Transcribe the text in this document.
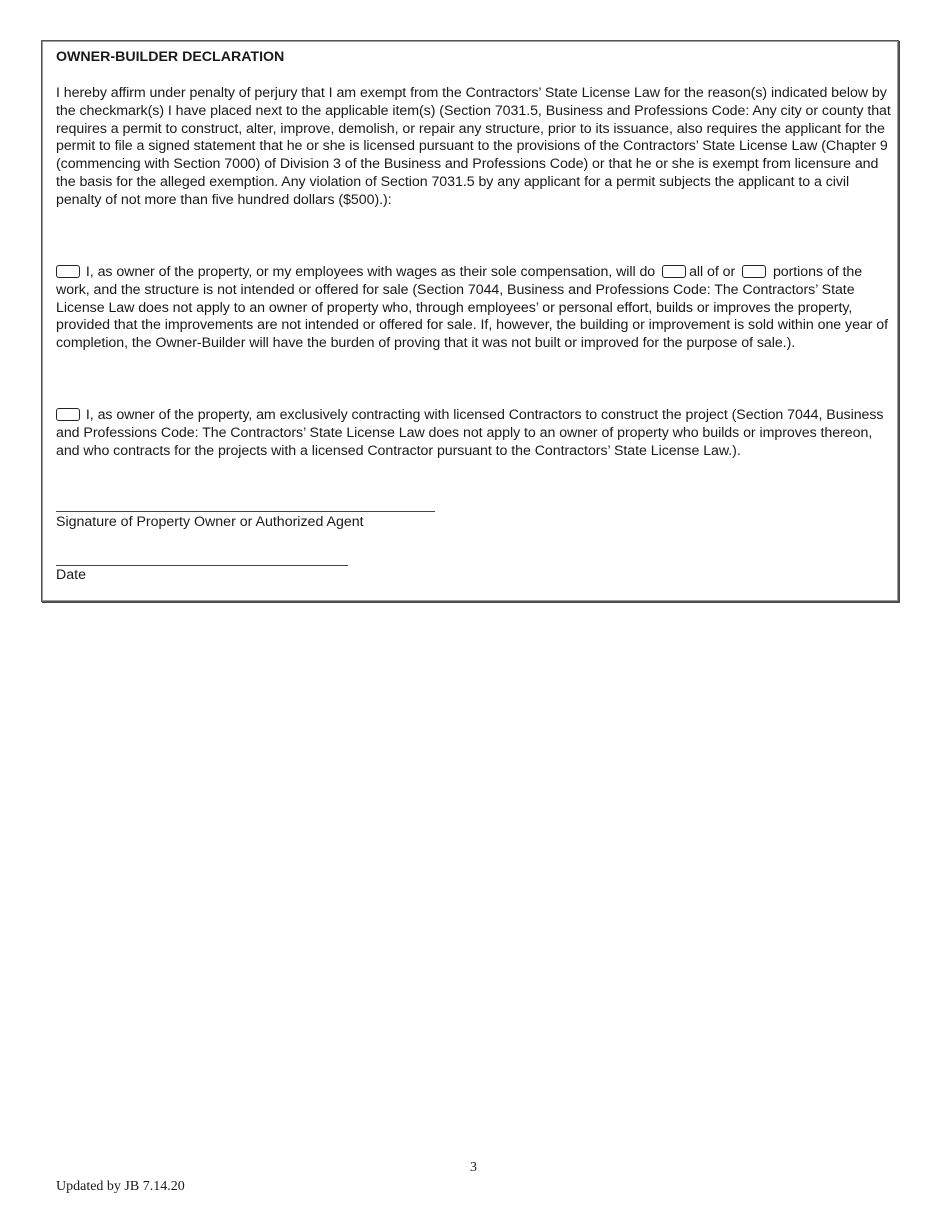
OWNER-BUILDER DECLARATION

I hereby affirm under penalty of perjury that I am exempt from the Contractors’ State License Law for the reason(s) indicated below by the checkmark(s) I have placed next to the applicable item(s) (Section 7031.5, Business and Professions Code: Any city or county that requires a permit to construct, alter, improve, demolish, or repair any structure, prior to its issuance, also requires the applicant for the permit to file a signed statement that he or she is licensed pursuant to the provisions of the Contractors’ State License Law (Chapter 9 (commencing with Section 7000) of Division 3 of the Business and Professions Code) or that he or she is exempt from licensure and the basis for the alleged exemption. Any violation of Section 7031.5 by any applicant for a permit subjects the applicant to a civil penalty of not more than five hundred dollars ($500).):

I, as owner of the property, or my employees with wages as their sole compensation, will do all of or  portions of the work, and the structure is not intended or offered for sale (Section 7044, Business and Professions Code: The Contractors’ State License Law does not apply to an owner of property who, through employees’ or personal effort, builds or improves the property, provided that the improvements are not intended or offered for sale. If, however, the building or improvement is sold within one year of completion, the Owner-Builder will have the burden of proving that it was not built or improved for the purpose of sale.).

I, as owner of the property, am exclusively contracting with licensed Contractors to construct the project (Section 7044, Business and Professions Code: The Contractors’ State License Law does not apply to an owner of property who builds or improves thereon, and who contracts for the projects with a licensed Contractor pursuant to the Contractors’ State License Law.).

Signature of Property Owner or Authorized Agent
Date
3
Updated by JB 7.14.20
